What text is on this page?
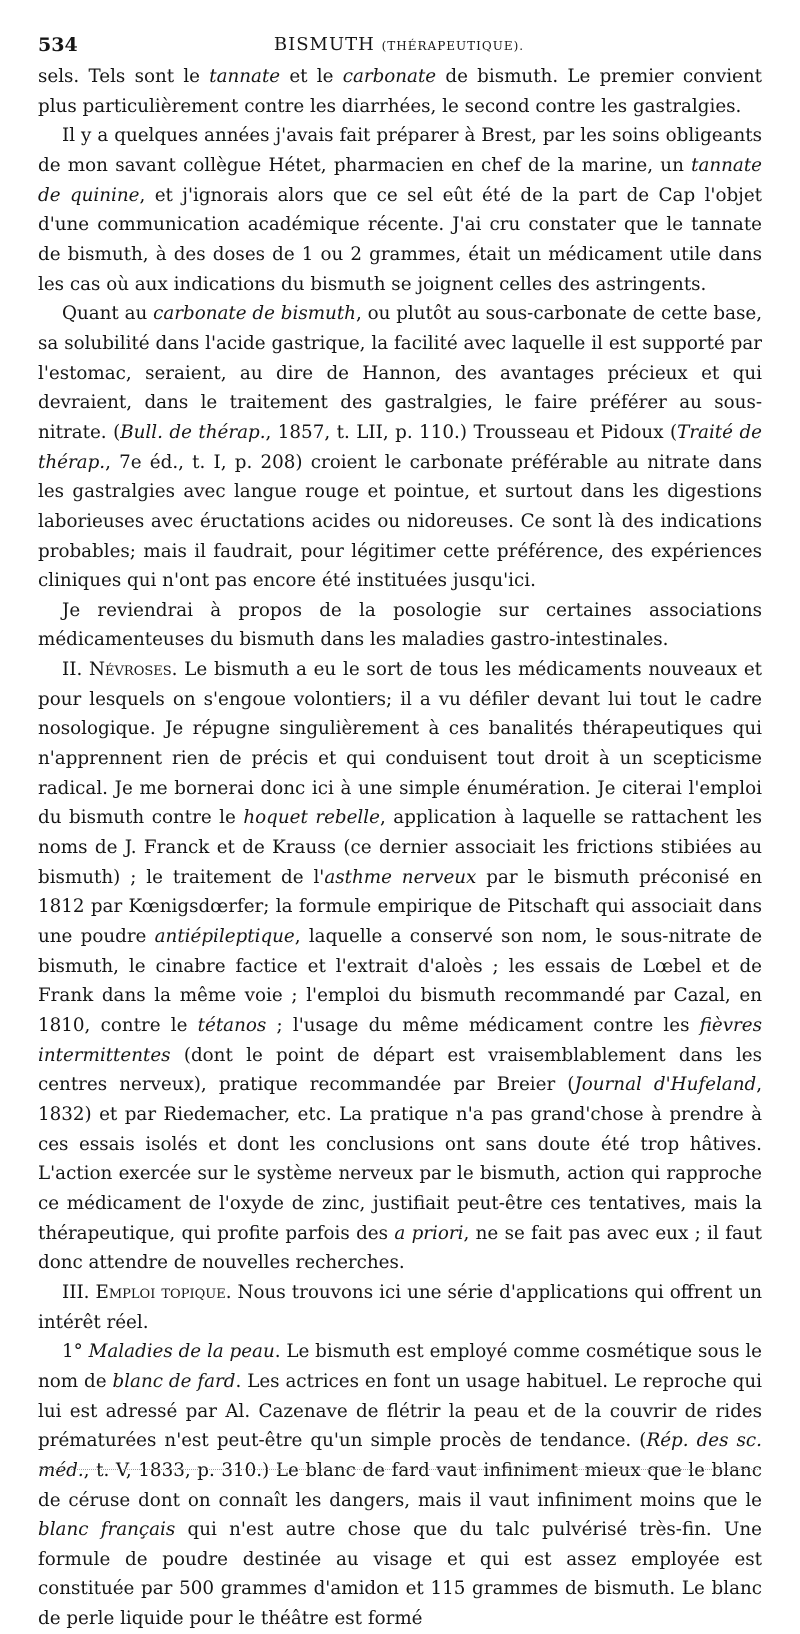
534	BISMUTH (THÉRAPEUTIQUE).

sels. Tels sont le tannate et le carbonate de bismuth. Le premier convient plus particulièrement contre les diarrhées, le second contre les gastralgies.

Il y a quelques années j'avais fait préparer à Brest, par les soins obligeants de mon savant collègue Hétet, pharmacien en chef de la marine, un tannate de quinine, et j'ignorais alors que ce sel eût été de la part de Cap l'objet d'une communication académique récente. J'ai cru constater que le tannate de bismuth, à des doses de 1 ou 2 grammes, était un médicament utile dans les cas où aux indications du bismuth se joignent celles des astringents.

Quant au carbonate de bismuth, ou plutôt au sous-carbonate de cette base, sa solubilité dans l'acide gastrique, la facilité avec laquelle il est supporté par l'estomac, seraient, au dire de Hannon, des avantages précieux et qui devraient, dans le traitement des gastralgies, le faire préférer au sous-nitrate. (Bull. de thérap., 1857, t. LII, p. 110.) Trousseau et Pidoux (Traité de thérap., 7e éd., t. I, p. 208) croient le carbonate préférable au nitrate dans les gastralgies avec langue rouge et pointue, et surtout dans les digestions laborieuses avec éructations acides ou nidoreuses. Ce sont là des indications probables; mais il faudrait, pour légitimer cette préférence, des expériences cliniques qui n'ont pas encore été instituées jusqu'ici.

Je reviendrai à propos de la posologie sur certaines associations médicamenteuses du bismuth dans les maladies gastro-intestinales.

II. Névroses. Le bismuth a eu le sort de tous les médicaments nouveaux et pour lesquels on s'engoue volontiers; il a vu défiler devant lui tout le cadre nosologique. Je répugne singulièrement à ces banalités thérapeutiques qui n'apprennent rien de précis et qui conduisent tout droit à un scepticisme radical. Je me bornerai donc ici à une simple énumération. Je citerai l'emploi du bismuth contre le hoquet rebelle, application à laquelle se rattachent les noms de J. Franck et de Krauss (ce dernier associait les frictions stibiées au bismuth) ; le traitement de l'asthme nerveux par le bismuth préconisé en 1812 par Kœnigsdœrfer; la formule empirique de Pitschaft qui associait dans une poudre antiépileptique, laquelle a conservé son nom, le sous-nitrate de bismuth, le cinabre factice et l'extrait d'aloès ; les essais de Lœbel et de Frank dans la même voie ; l'emploi du bismuth recommandé par Cazal, en 1810, contre le tétanos ; l'usage du même médicament contre les fièvres intermittentes (dont le point de départ est vraisemblablement dans les centres nerveux), pratique recommandée par Breier (Journal d'Hufeland, 1832) et par Riedemacher, etc. La pratique n'a pas grand'chose à prendre à ces essais isolés et dont les conclusions ont sans doute été trop hâtives. L'action exercée sur le système nerveux par le bismuth, action qui rapproche ce médicament de l'oxyde de zinc, justifiait peut-être ces tentatives, mais la thérapeutique, qui profite parfois des a priori, ne se fait pas avec eux ; il faut donc attendre de nouvelles recherches.

III. Emploi topique. Nous trouvons ici une série d'applications qui offrent un intérêt réel.

1° Maladies de la peau. Le bismuth est employé comme cosmétique sous le nom de blanc de fard. Les actrices en font un usage habituel. Le reproche qui lui est adressé par Al. Cazenave de flétrir la peau et de la couvrir de rides prématurées n'est peut-être qu'un simple procès de tendance. (Rép. des sc. méd., t. V, 1833, p. 310.) Le blanc de fard vaut infiniment mieux que le blanc de céruse dont on connaît les dangers, mais il vaut infiniment moins que le blanc français qui n'est autre chose que du talc pulvérisé très-fin. Une formule de poudre destinée au visage et qui est assez employée est constituée par 500 grammes d'amidon et 115 grammes de bismuth. Le blanc de perle liquide pour le théâtre est formé
